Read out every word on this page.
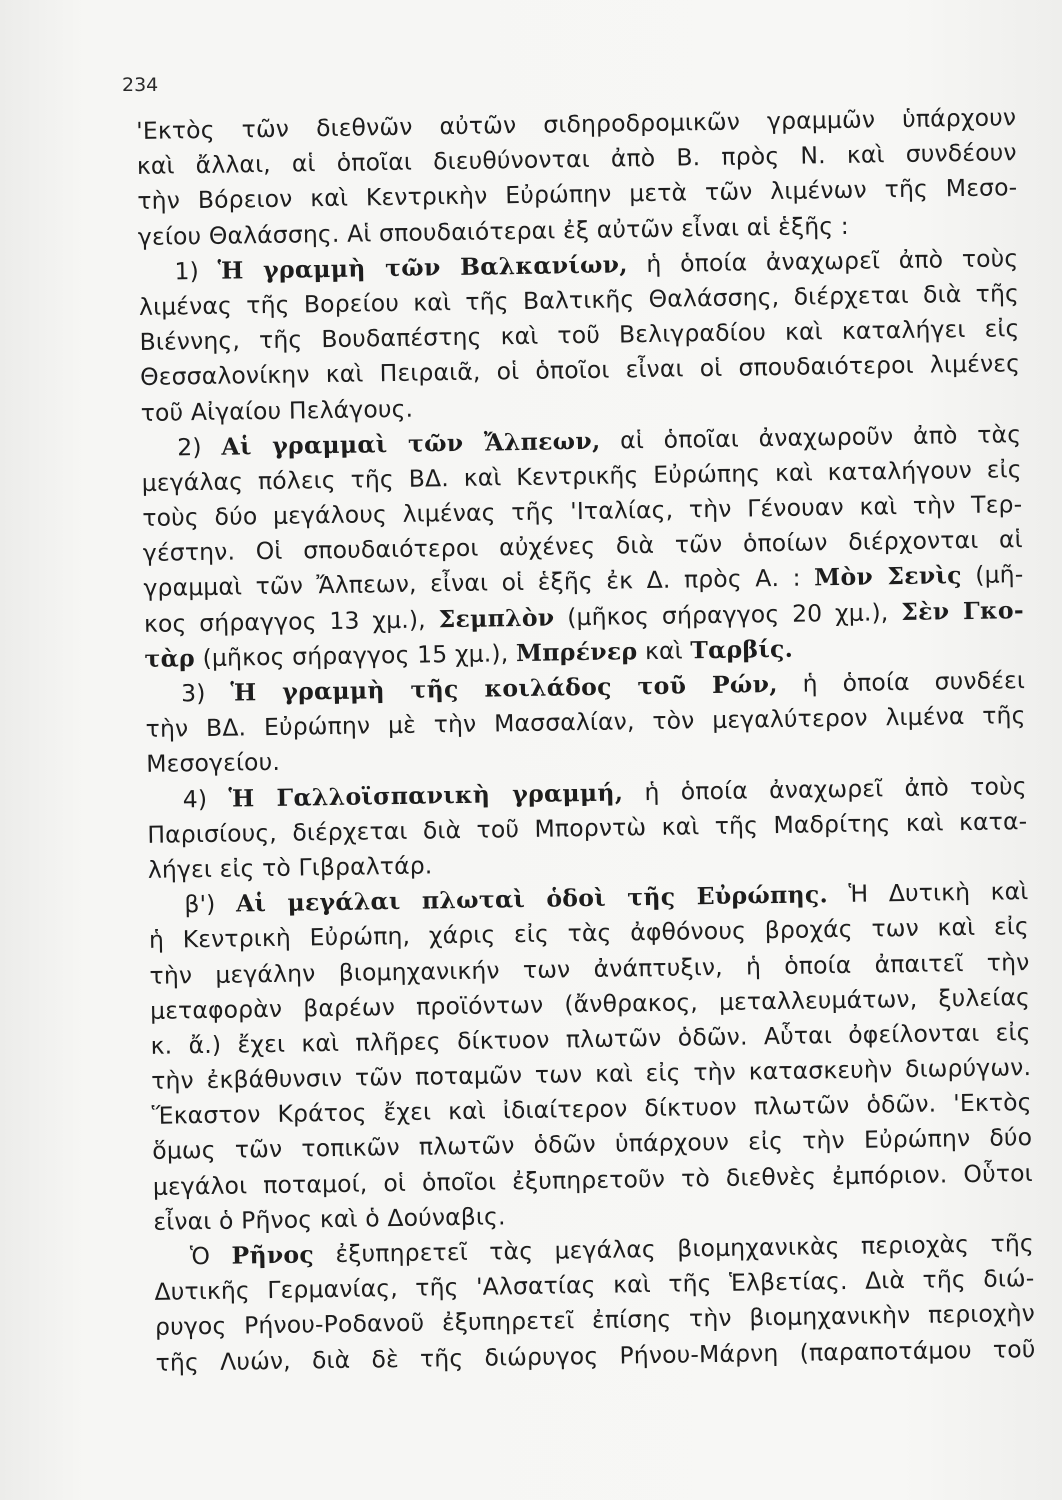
234
'Εκτὸς τῶν διεθνῶν αὐτῶν σιδηροδρομικῶν γραμμῶν ὑπάρχουν
καὶ ἄλλαι, αἱ ὁποῖαι διευθύνονται ἀπὸ Β. πρὸς Ν. καὶ συνδέουν
τὴν Βόρειον καὶ Κεντρικὴν Εὐρώπην μετὰ τῶν λιμένων τῆς Μεσο-
γείου Θαλάσσης. Αἱ σπουδαιότεραι ἐξ αὐτῶν εἶναι αἱ ἑξῆς :
1) Ἡ γραμμὴ τῶν Βαλκανίων, ἡ ὁποία ἀναχωρεῖ ἀπὸ τοὺς
λιμένας τῆς Βορείου καὶ τῆς Βαλτικῆς Θαλάσσης, διέρχεται διὰ τῆς
Βιέννης, τῆς Βουδαπέστης καὶ τοῦ Βελιγραδίου καὶ καταλήγει εἰς
Θεσσαλονίκην καὶ Πειραιᾶ, οἱ ὁποῖοι εἶναι οἱ σπουδαιότεροι λιμένες
τοῦ Αἰγαίου Πελάγους.
2) Αἱ γραμμαὶ τῶν Ἄλπεων, αἱ ὁποῖαι ἀναχωροῦν ἀπὸ τὰς
μεγάλας πόλεις τῆς ΒΔ. καὶ Κεντρικῆς Εὐρώπης καὶ καταλήγουν εἰς
τοὺς δύο μεγάλους λιμένας τῆς 'Ιταλίας, τὴν Γένουαν καὶ τὴν Τερ-
γέστην. Οἱ σπουδαιότεροι αὐχένες διὰ τῶν ὁποίων διέρχονται αἱ
γραμμαὶ τῶν Ἄλπεων, εἶναι οἱ ἑξῆς ἐκ Δ. πρὸς Α. : Μὸν Σενὶς (μῆ-
κος σήραγγος 13 χμ.), Σεμπλὸν (μῆκος σήραγγος 20 χμ.), Σὲν Γκο-
τὰρ (μῆκος σήραγγος 15 χμ.), Μπρένερ καὶ Ταρβίς.
3) Ἡ γραμμὴ τῆς κοιλάδος τοῦ Ρών, ἡ ὁποία συνδέει
τὴν ΒΔ. Εὐρώπην μὲ τὴν Μασσαλίαν, τὸν μεγαλύτερον λιμένα τῆς
Μεσογείου.
4) Ἡ Γαλλοϊσπανικὴ γραμμή, ἡ ὁποία ἀναχωρεῖ ἀπὸ τοὺς
Παρισίους, διέρχεται διὰ τοῦ Μπορντὼ καὶ τῆς Μαδρίτης καὶ κατα-
λήγει εἰς τὸ Γιβραλτάρ.
β') Αἱ μεγάλαι πλωταὶ ὁδοὶ τῆς Εὐρώπης. Ἡ Δυτικὴ καὶ
ἡ Κεντρικὴ Εὐρώπη, χάρις εἰς τὰς ἀφθόνους βροχάς των καὶ εἰς
τὴν μεγάλην βιομηχανικήν των ἀνάπτυξιν, ἡ ὁποία ἀπαιτεῖ τὴν
μεταφορὰν βαρέων προϊόντων (ἄνθρακος, μεταλλευμάτων, ξυλείας
κ. ἄ.) ἔχει καὶ πλῆρες δίκτυον πλωτῶν ὁδῶν. Αὗται ὀφείλονται εἰς
τὴν ἐκβάθυνσιν τῶν ποταμῶν των καὶ εἰς τὴν κατασκευὴν διωρύγων.
Ἕκαστον Κράτος ἔχει καὶ ἰδιαίτερον δίκτυον πλωτῶν ὁδῶν. 'Εκτὸς
ὅμως τῶν τοπικῶν πλωτῶν ὁδῶν ὑπάρχουν εἰς τὴν Εὐρώπην δύο
μεγάλοι ποταμοί, οἱ ὁποῖοι ἐξυπηρετοῦν τὸ διεθνὲς ἐμπόριον. Οὗτοι
εἶναι ὁ Ρῆνος καὶ ὁ Δούναβις.
Ὁ Ρῆνος ἐξυπηρετεῖ τὰς μεγάλας βιομηχανικὰς περιοχὰς τῆς
Δυτικῆς Γερμανίας, τῆς 'Αλσατίας καὶ τῆς Ἑλβετίας. Διὰ τῆς διώ-
ρυγος Ρήνου-Ροδανοῦ ἐξυπηρετεῖ ἐπίσης τὴν βιομηχανικὴν περιοχὴν
τῆς Λυών, διὰ δὲ τῆς διώρυγος Ρήνου-Μάρνη (παραποτάμου τοῦ
